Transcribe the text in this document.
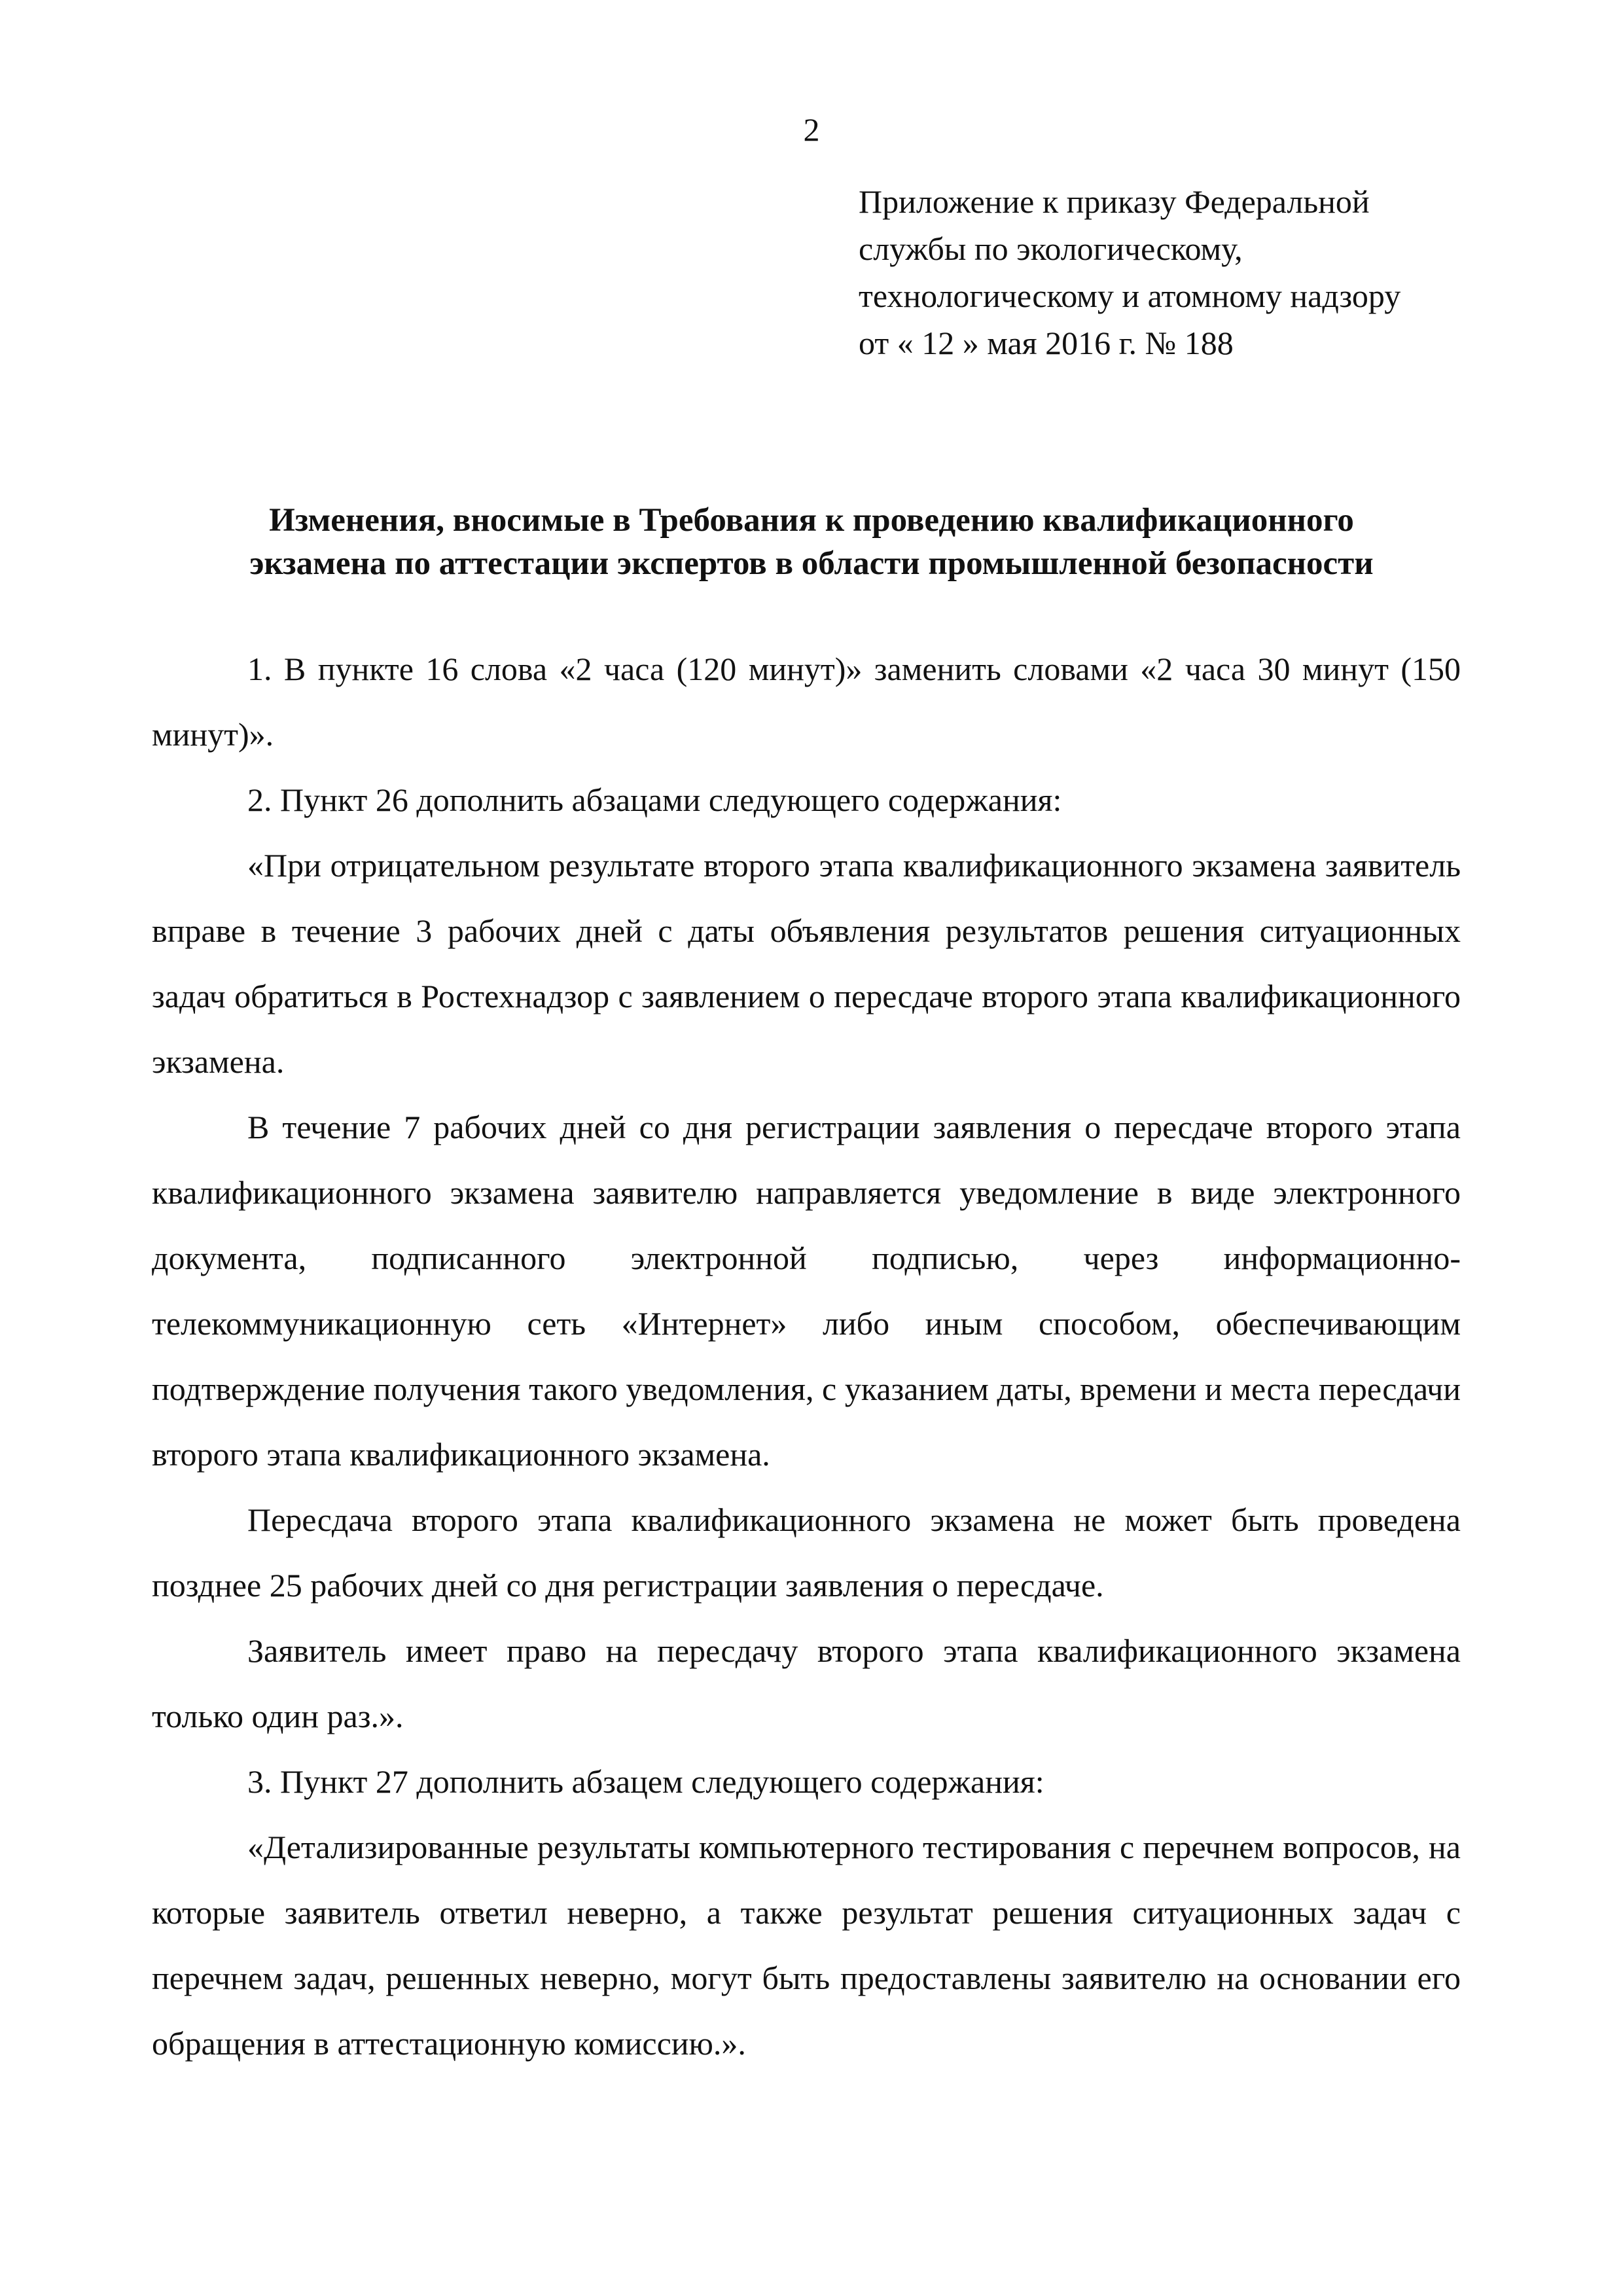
2
Приложение к приказу Федеральной
службы по экологическому,
технологическому и атомному надзору
от « 12 » мая 2016 г. № 188
Изменения, вносимые в Требования к проведению квалификационного
экзамена по аттестации экспертов в области промышленной безопасности

1. В пункте 16 слова «2 часа (120 минут)» заменить словами «2 часа 30 минут (150 минут)».

2. Пункт 26 дополнить абзацами следующего содержания:

«При отрицательном результате второго этапа квалификационного экзамена заявитель вправе в течение 3 рабочих дней с даты объявления результатов решения ситуационных задач обратиться в Ростехнадзор с заявлением о пересдаче второго этапа квалификационного экзамена.

В течение 7 рабочих дней со дня регистрации заявления о пересдаче второго этапа квалификационного экзамена заявителю направляется уведомление в виде электронного документа, подписанного электронной подписью, через информационно-телекоммуникационную сеть «Интернет» либо иным способом, обеспечивающим подтверждение получения такого уведомления, с указанием даты, времени и места пересдачи второго этапа квалификационного экзамена.

Пересдача второго этапа квалификационного экзамена не может быть проведена позднее 25 рабочих дней со дня регистрации заявления о пересдаче.

Заявитель имеет право на пересдачу второго этапа квалификационного экзамена только один раз.».

3. Пункт 27 дополнить абзацем следующего содержания:

«Детализированные результаты компьютерного тестирования с перечнем вопросов, на которые заявитель ответил неверно, а также результат решения ситуационных задач с перечнем задач, решенных неверно, могут быть предоставлены заявителю на основании его обращения в аттестационную комиссию.».
